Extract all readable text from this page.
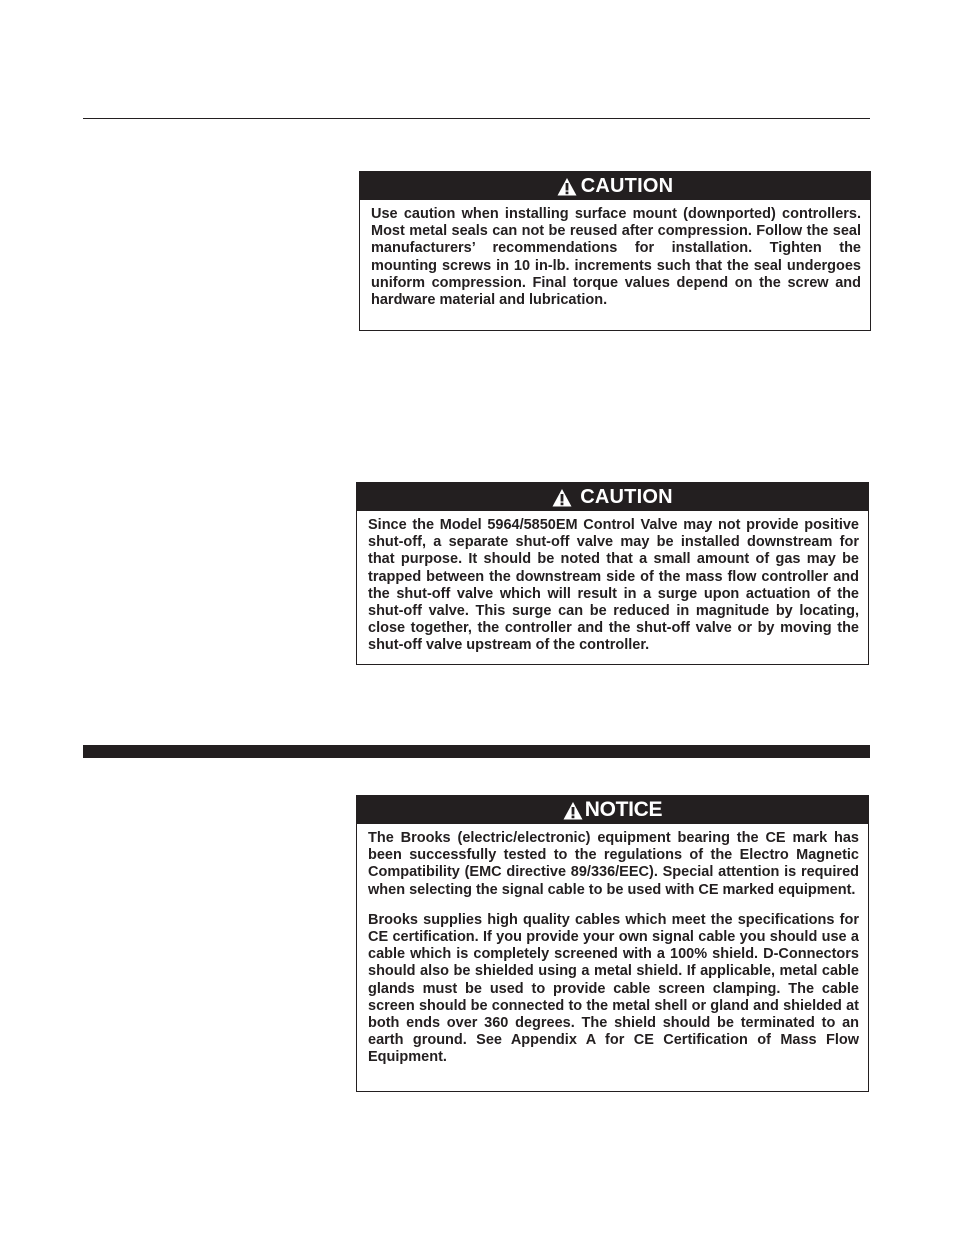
CAUTION

Use caution when installing surface mount (downported) controllers. Most metal seals can not be reused after compression. Follow the seal manufacturers’ recommendations for installation. Tighten the mounting screws in 10 in-lb. increments such that the seal undergoes uniform compression. Final torque values depend on the screw and hardware material and lubrication.

CAUTION

Since the Model 5964/5850EM Control Valve may not provide positive shut-off, a separate shut-off valve may be installed downstream for that purpose. It should be noted that a small amount of gas may be trapped between the downstream side of the mass flow controller and the shut-off valve which will result in a surge upon actuation of the shut-off valve. This surge can be reduced in magnitude by locating, close together, the controller and the shut-off valve or by moving the shut-off valve upstream of the controller.

NOTICE

The Brooks (electric/electronic) equipment bearing the CE mark has been successfully tested to the regulations of the Electro Magnetic Compatibility (EMC directive 89/336/EEC). Special attention is required when selecting the signal cable to be used with CE marked equipment.

Brooks supplies high quality cables which meet the specifications for CE certification. If you provide your own signal cable you should use a cable which is completely screened with a 100% shield. D-Connectors should also be shielded using a metal shield. If applicable, metal cable glands must be used to provide cable screen clamping. The cable screen should be connected to the metal shell or gland and shielded at both ends over 360 degrees. The shield should be terminated to an earth ground. See Appendix A for CE Certification of Mass Flow Equipment.
